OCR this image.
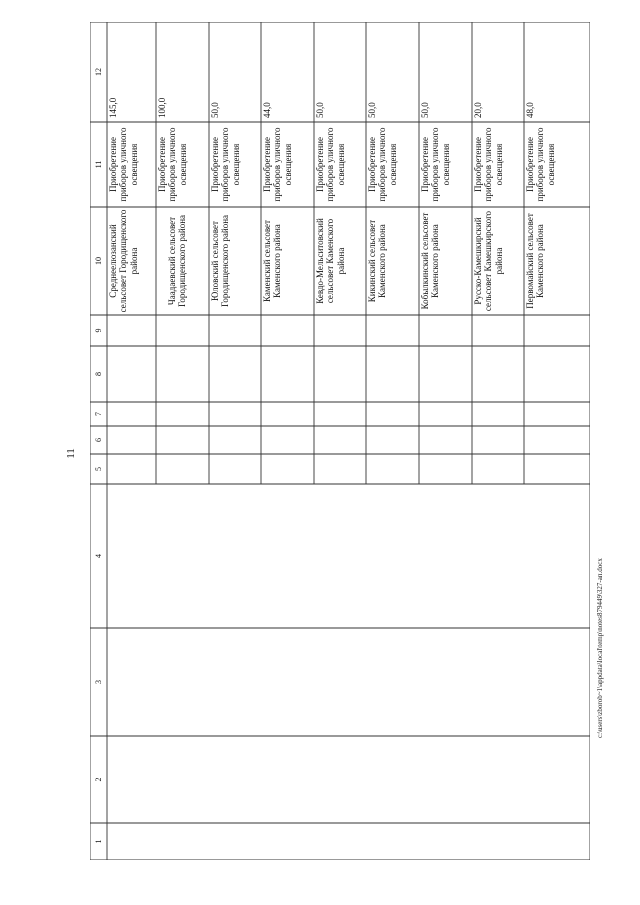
11
c:\users\zborob~1\appdata\local\temp\notes879449\327-ап.docx
1
2
3
4
5
6
7
8
9
10
11
12
Среднеелюзанский сельсовет Городищенского района
Приобретение приборов уличного освещения
145,0
Чаадаевский сельсовет Городищенского района
Приобретение приборов уличного освещения
100,0
Юловский сельсовет Городищенского района
Приобретение приборов уличного освещения
50,0
Каменский сельсовет Каменского района
Приобретение приборов уличного освещения
44,0
Кевдо-Мельситовский сельсовет Каменского района
Приобретение приборов уличного освещения
50,0
Кикинский сельсовет Каменского района
Приобретение приборов уличного освещения
50,0
Кобылкинский сельсовет Каменского района
Приобретение приборов уличного освещения
50,0
Русско-Камешкирский сельсовет Камешкирского района
Приобретение приборов уличного освещения
20,0
Первомайский сельсовет Каменского района
Приобретение приборов уличного освещения
48,0
